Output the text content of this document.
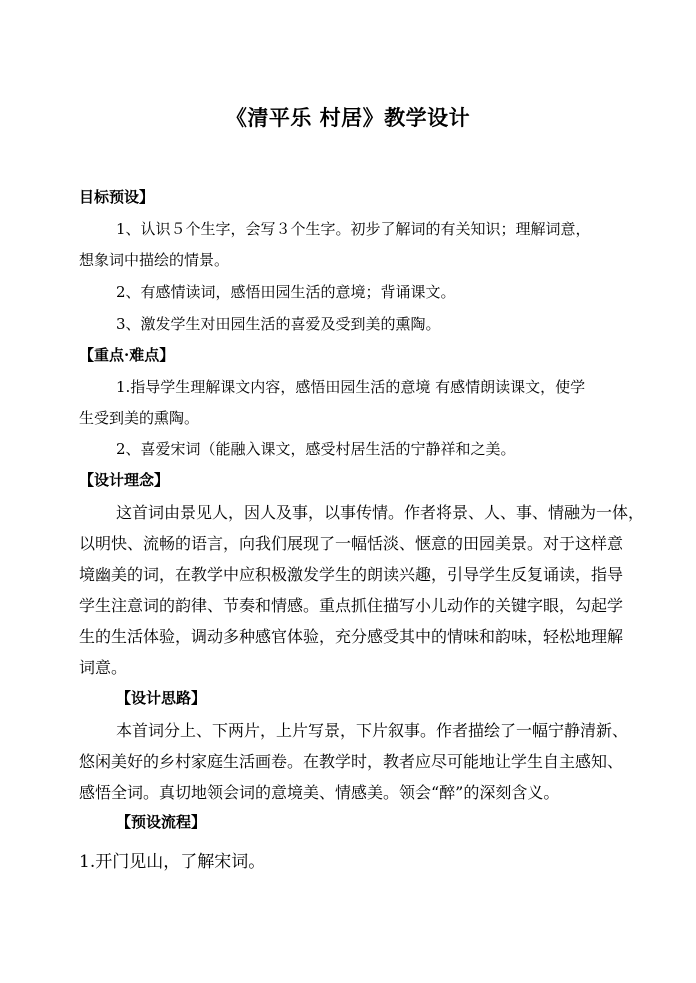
《清平乐 村居》教学设计
目标预设】
1、认识５个生字，会写３个生字。初步了解词的有关知识；理解词意，
想象词中描绘的情景。
2、有感情读词，感悟田园生活的意境；背诵课文。
3、激发学生对田园生活的喜爱及受到美的熏陶。
【重点·难点】
1.指导学生理解课文内容，感悟田园生活的意境 有感情朗读课文，使学
生受到美的熏陶。
2、喜爱宋词（能融入课文，感受村居生活的宁静祥和之美。
【设计理念】
这首词由景见人，因人及事，以事传情。作者将景、人、事、情融为一体，
以明快、流畅的语言，向我们展现了一幅恬淡、惬意的田园美景。对于这样意
境幽美的词，在教学中应积极激发学生的朗读兴趣，引导学生反复诵读，指导
学生注意词的韵律、节奏和情感。重点抓住描写小儿动作的关键字眼，勾起学
生的生活体验，调动多种感官体验，充分感受其中的情味和韵味，轻松地理解
词意。
【设计思路】
本首词分上、下两片，上片写景，下片叙事。作者描绘了一幅宁静清新、
悠闲美好的乡村家庭生活画卷。在教学时，教者应尽可能地让学生自主感知、
感悟全词。真切地领会词的意境美、情感美。领会“醉”的深刻含义。
【预设流程】
1.开门见山，了解宋词。
